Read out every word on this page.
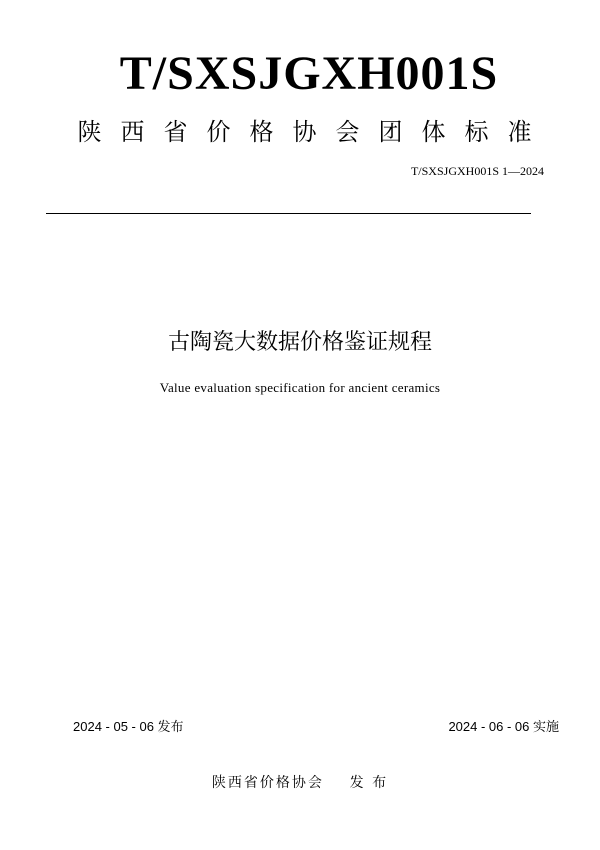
T/SXSJGXH001S
陕西省价格协会团体标准
T/SXSJGXH001S 1—2024
古陶瓷大数据价格鉴证规程
Value evaluation specification for ancient ceramics
2024 - 05 - 06 发布	2024 - 06 - 06 实施
陕西省价格协会 发 布
